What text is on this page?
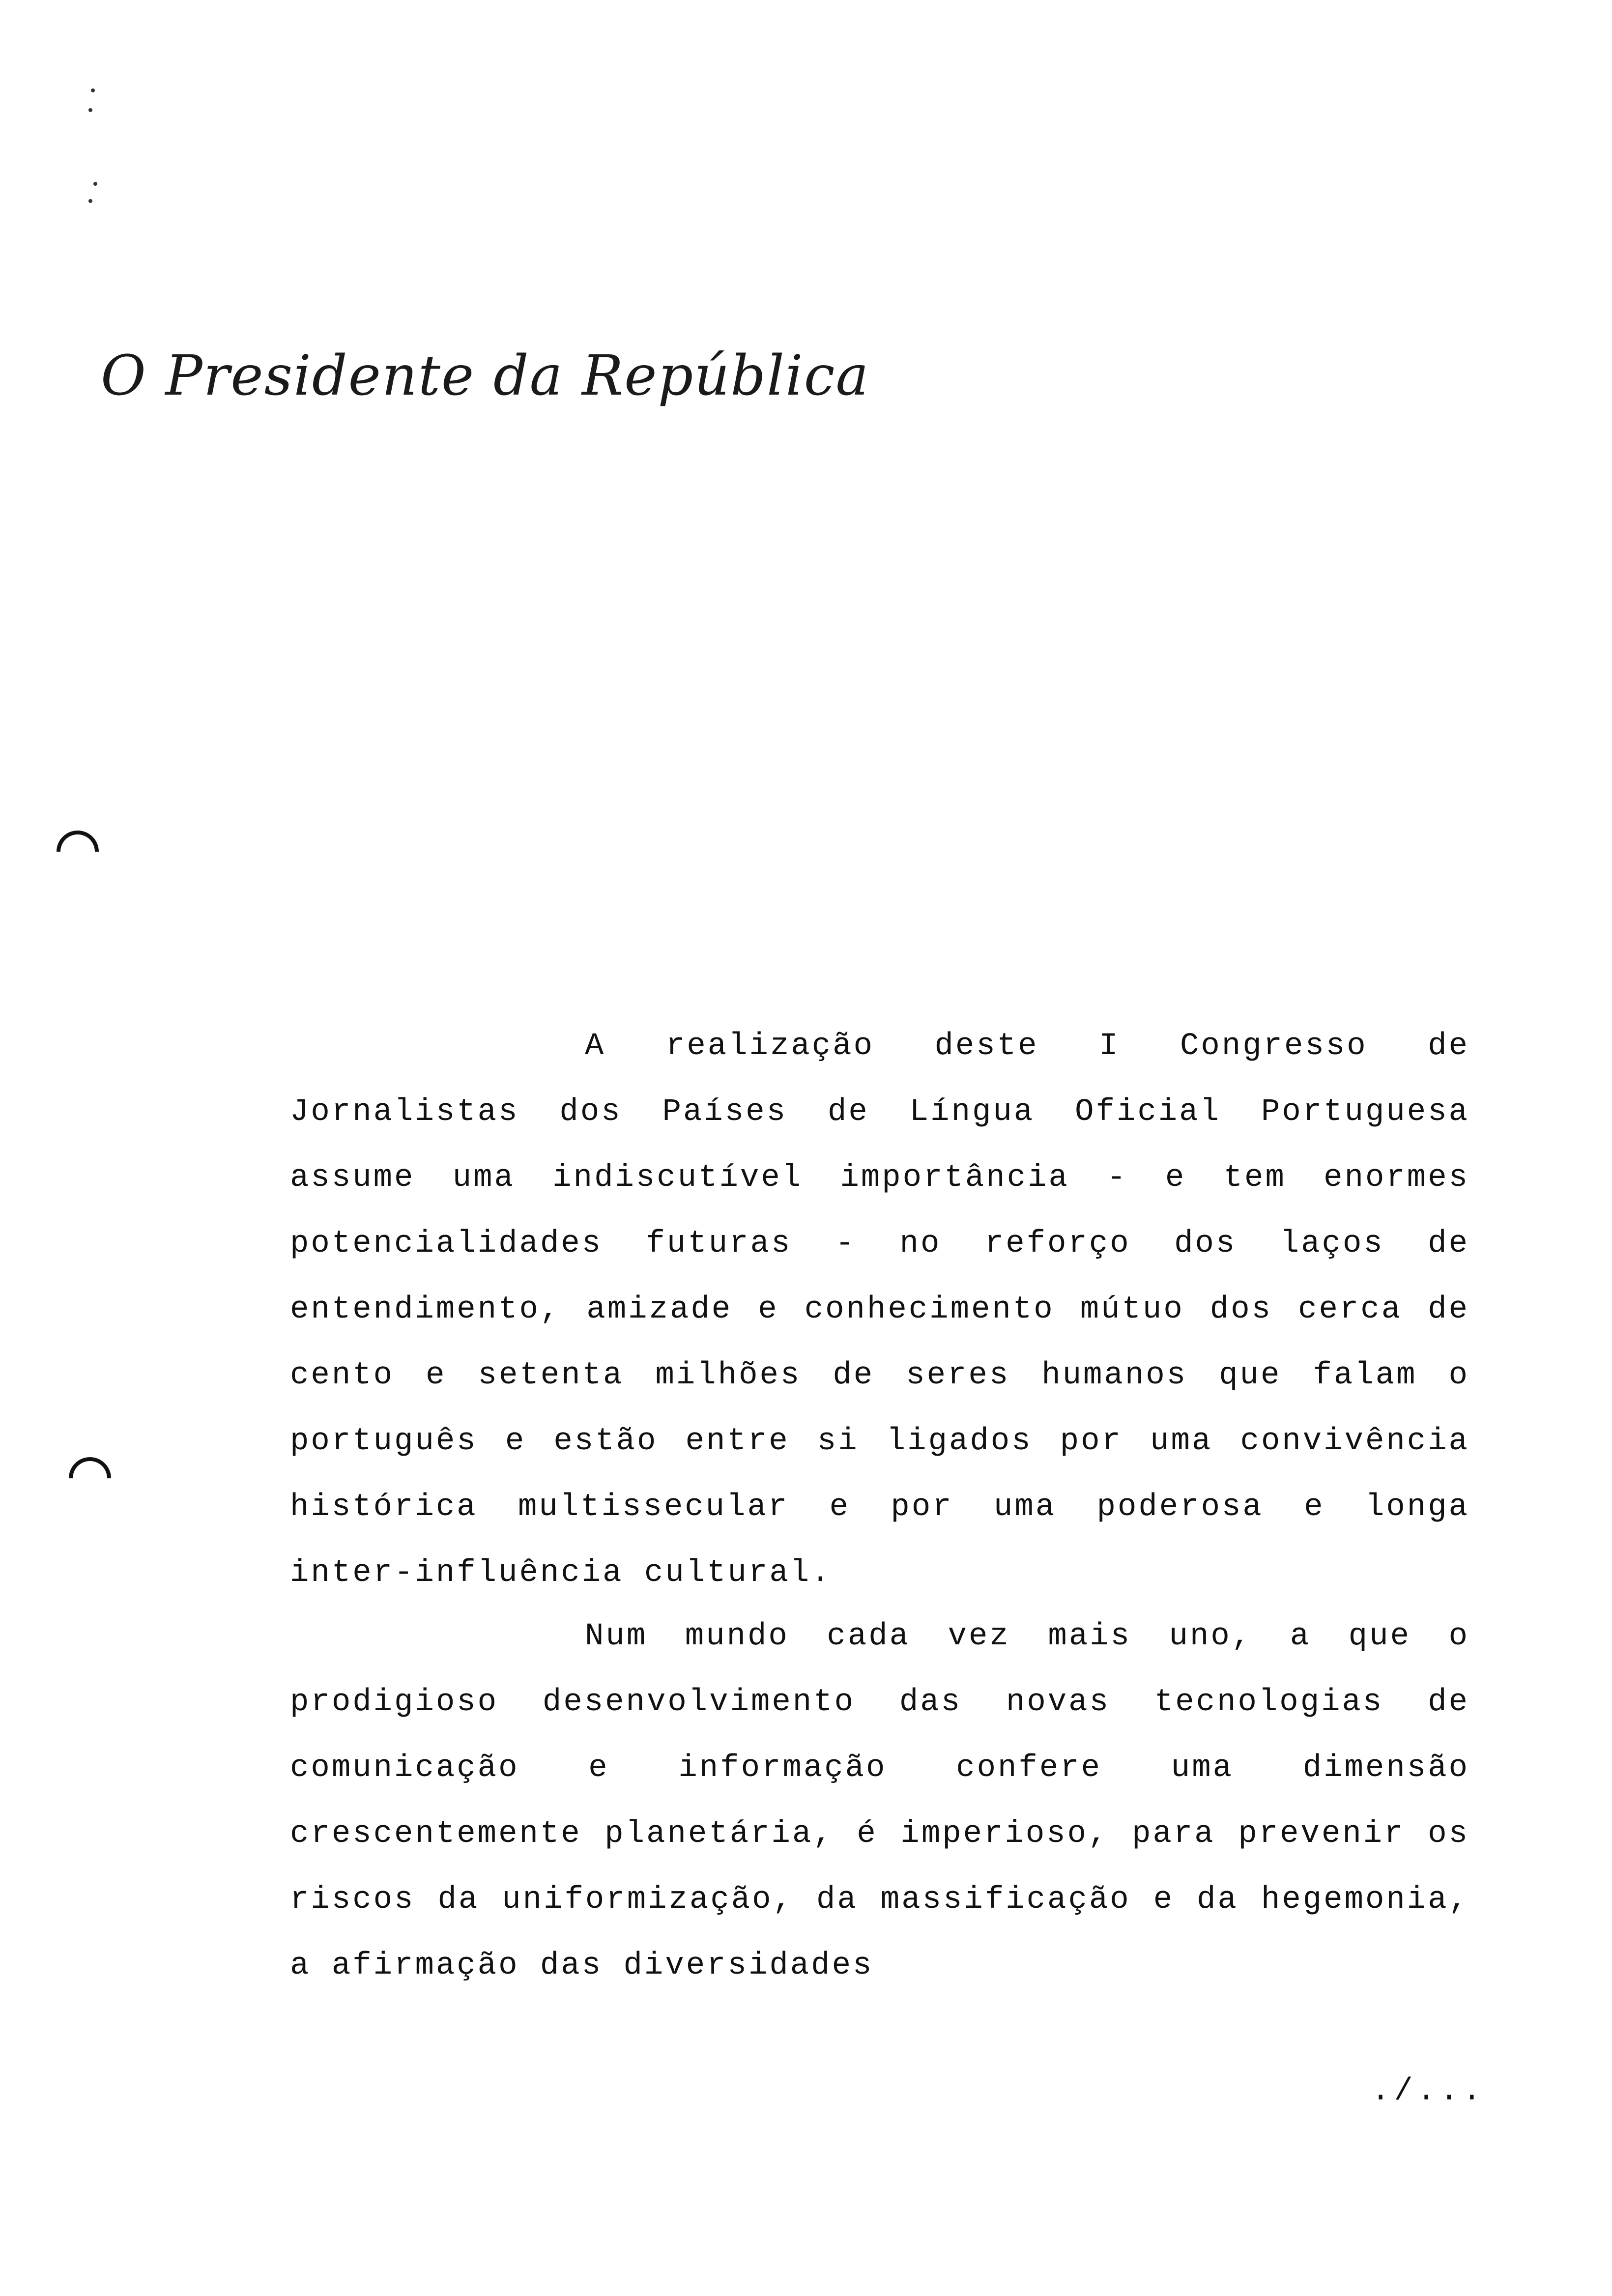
O Presidente da República

A realização deste I Congresso de Jornalistas dos Países de Língua Oficial Portuguesa assume uma indiscutível importância - e tem enormes potencialidades futuras - no reforço dos laços de entendimento, amizade e conhecimento mútuo dos cerca de cento e setenta milhões de seres humanos que falam o português e estão entre si ligados por uma convivência histórica multissecular e por uma poderosa e longa inter-influência cultural.

Num mundo cada vez mais uno, a que o prodigioso desenvolvimento das novas tecnologias de comunicação e informação confere uma dimensão crescentemente planetária, é imperioso, para prevenir os riscos da uniformização, da massificação e da hegemonia, a afirmação das diversidades

./...
